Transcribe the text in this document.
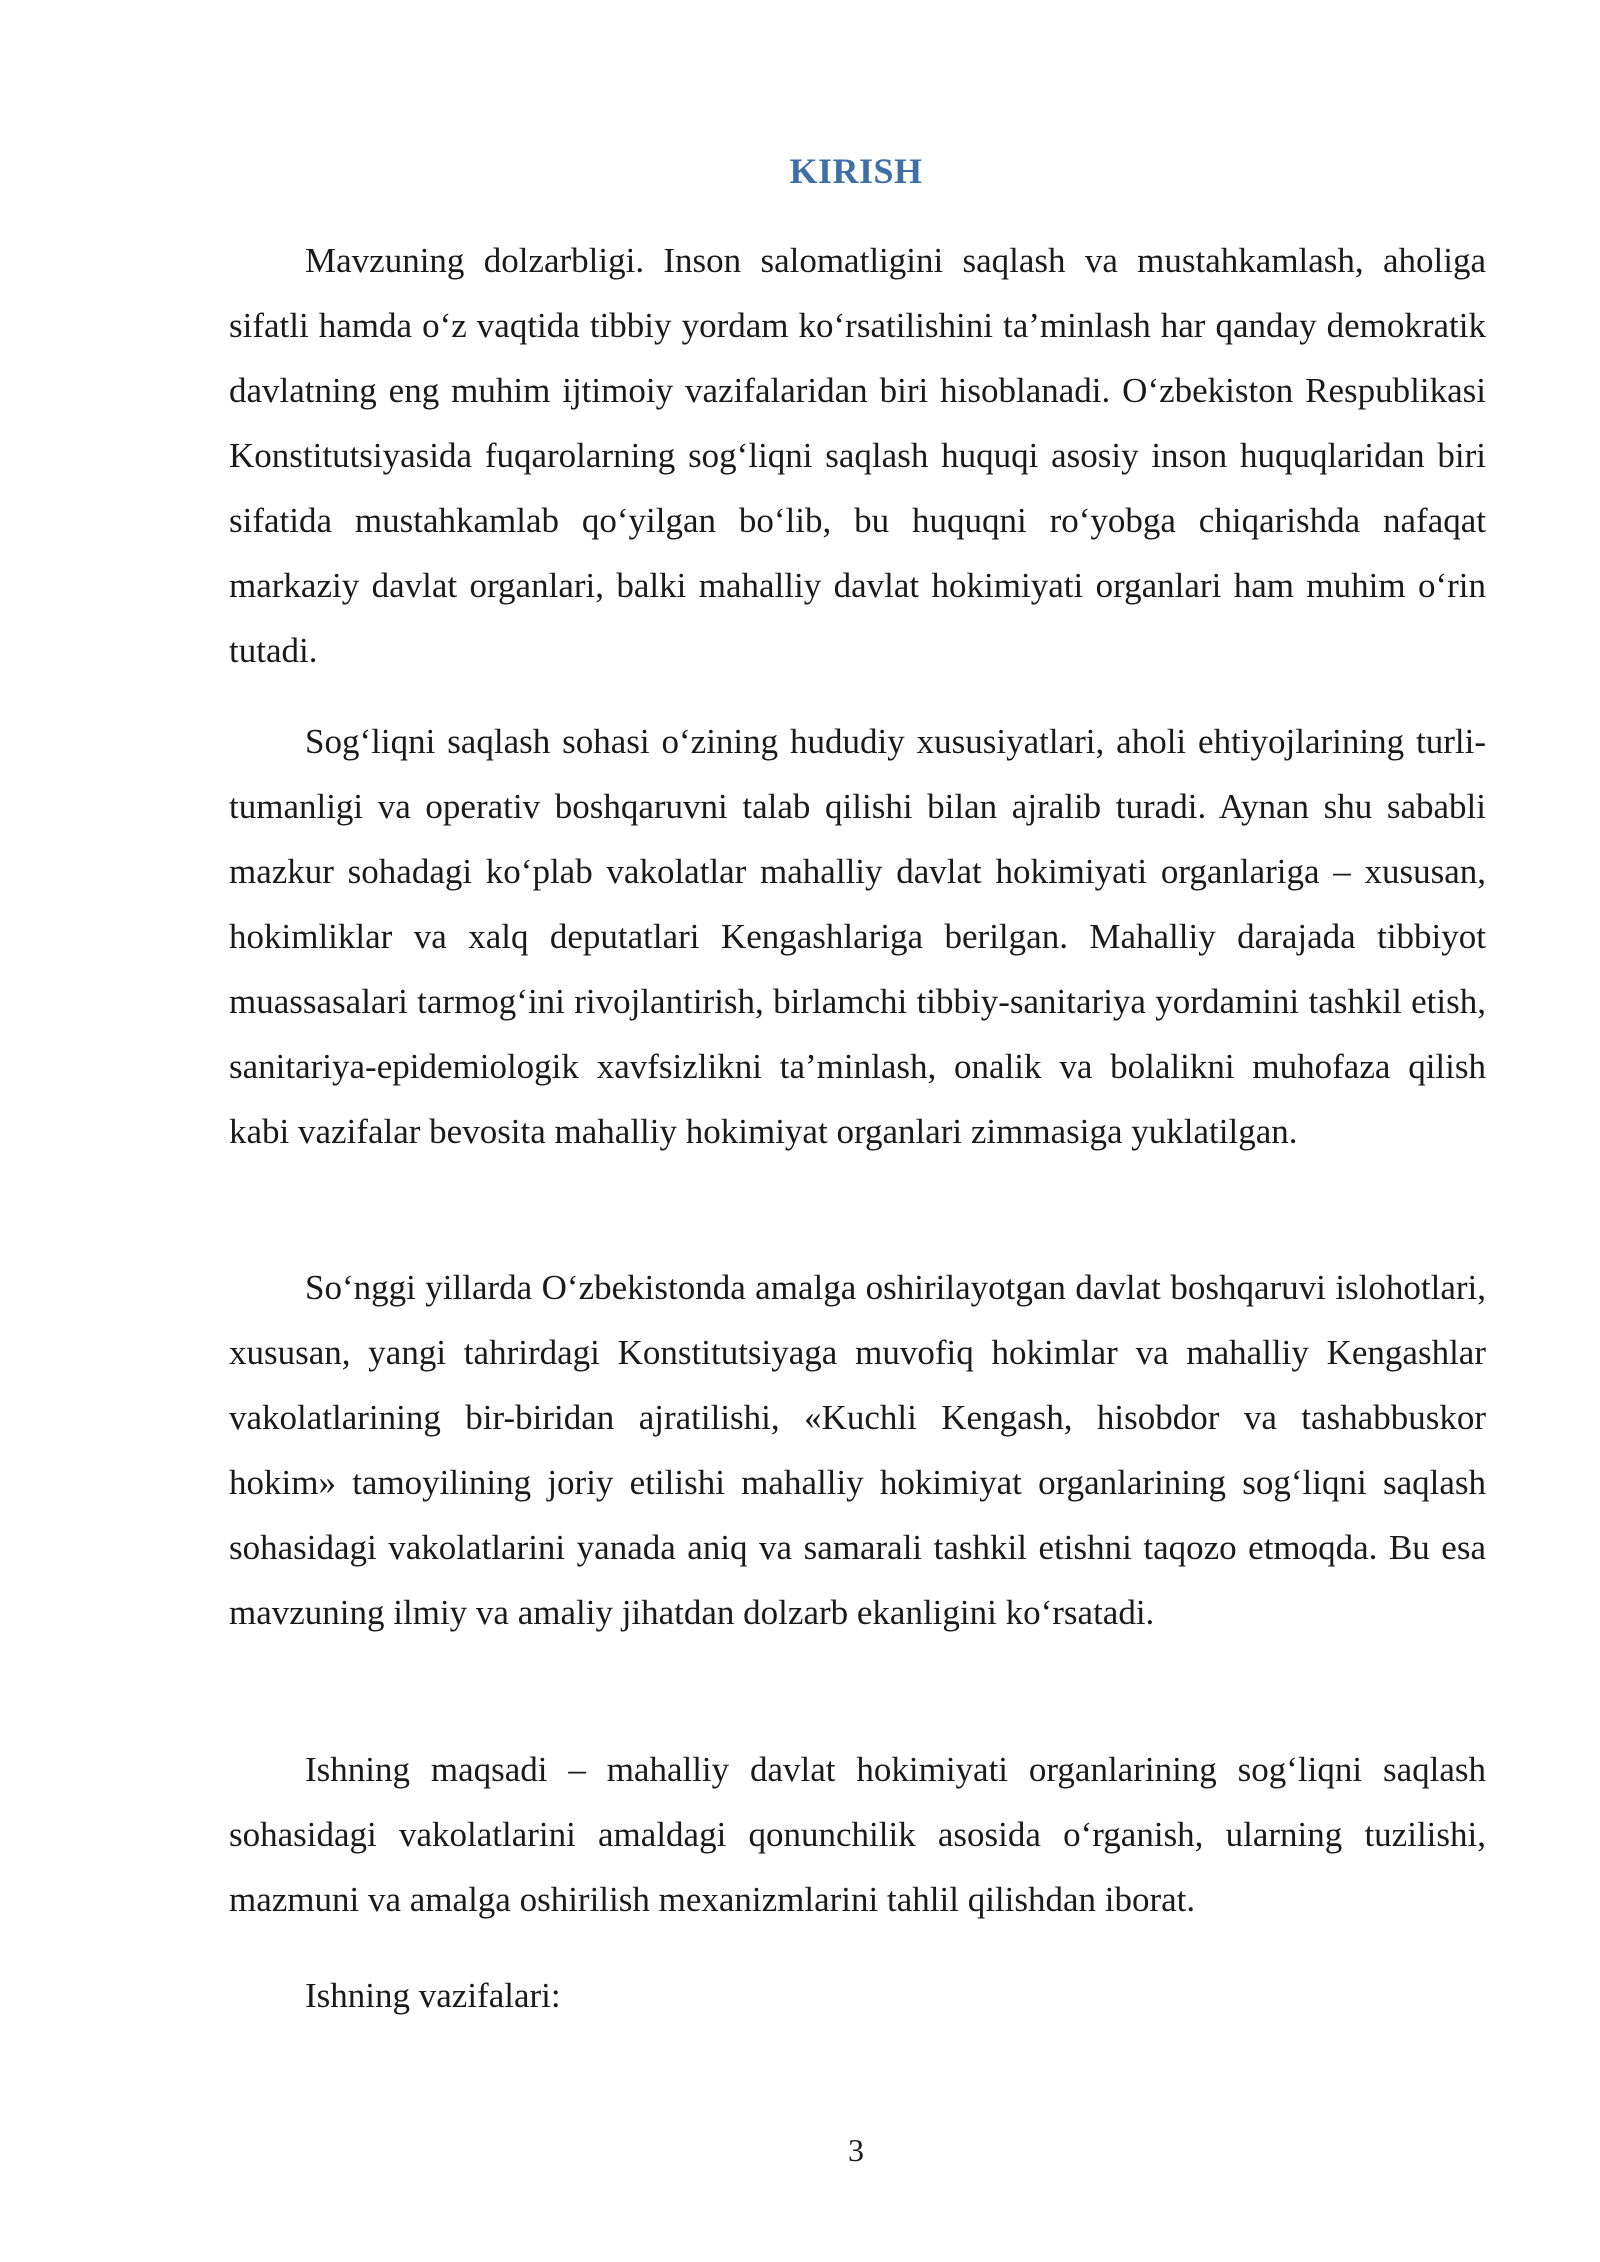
KIRISH

Mavzuning dolzarbligi. Inson salomatligini saqlash va mustahkamlash, aholiga sifatli hamda o‘z vaqtida tibbiy yordam ko‘rsatilishini ta’minlash har qanday demokratik davlatning eng muhim ijtimoiy vazifalaridan biri hisoblanadi. O‘zbekiston Respublikasi Konstitutsiyasida fuqarolarning sog‘liqni saqlash huquqi asosiy inson huquqlaridan biri sifatida mustahkamlab qo‘yilgan bo‘lib, bu huquqni ro‘yobga chiqarishda nafaqat markaziy davlat organlari, balki mahalliy davlat hokimiyati organlari ham muhim o‘rin tutadi.

Sog‘liqni saqlash sohasi o‘zining hududiy xususiyatlari, aholi ehtiyojlarining turli-tumanligi va operativ boshqaruvni talab qilishi bilan ajralib turadi. Aynan shu sababli mazkur sohadagi ko‘plab vakolatlar mahalliy davlat hokimiyati organlariga – xususan, hokimliklar va xalq deputatlari Kengashlariga berilgan. Mahalliy darajada tibbiyot muassasalari tarmog‘ini rivojlantirish, birlamchi tibbiy-sanitariya yordamini tashkil etish, sanitariya-epidemiologik xavfsizlikni ta’minlash, onalik va bolalikni muhofaza qilish kabi vazifalar bevosita mahalliy hokimiyat organlari zimmasiga yuklatilgan.

So‘nggi yillarda O‘zbekistonda amalga oshirilayotgan davlat boshqaruvi islohotlari, xususan, yangi tahrirdagi Konstitutsiyaga muvofiq hokimlar va mahalliy Kengashlar vakolatlarining bir-biridan ajratilishi, «Kuchli Kengash, hisobdor va tashabbuskor hokim» tamoyilining joriy etilishi mahalliy hokimiyat organlarining sog‘liqni saqlash sohasidagi vakolatlarini yanada aniq va samarali tashkil etishni taqozo etmoqda. Bu esa mavzuning ilmiy va amaliy jihatdan dolzarb ekanligini ko‘rsatadi.

Ishning maqsadi – mahalliy davlat hokimiyati organlarining sog‘liqni saqlash sohasidagi vakolatlarini amaldagi qonunchilik asosida o‘rganish, ularning tuzilishi, mazmuni va amalga oshirilish mexanizmlarini tahlil qilishdan iborat.

Ishning vazifalari:

3
